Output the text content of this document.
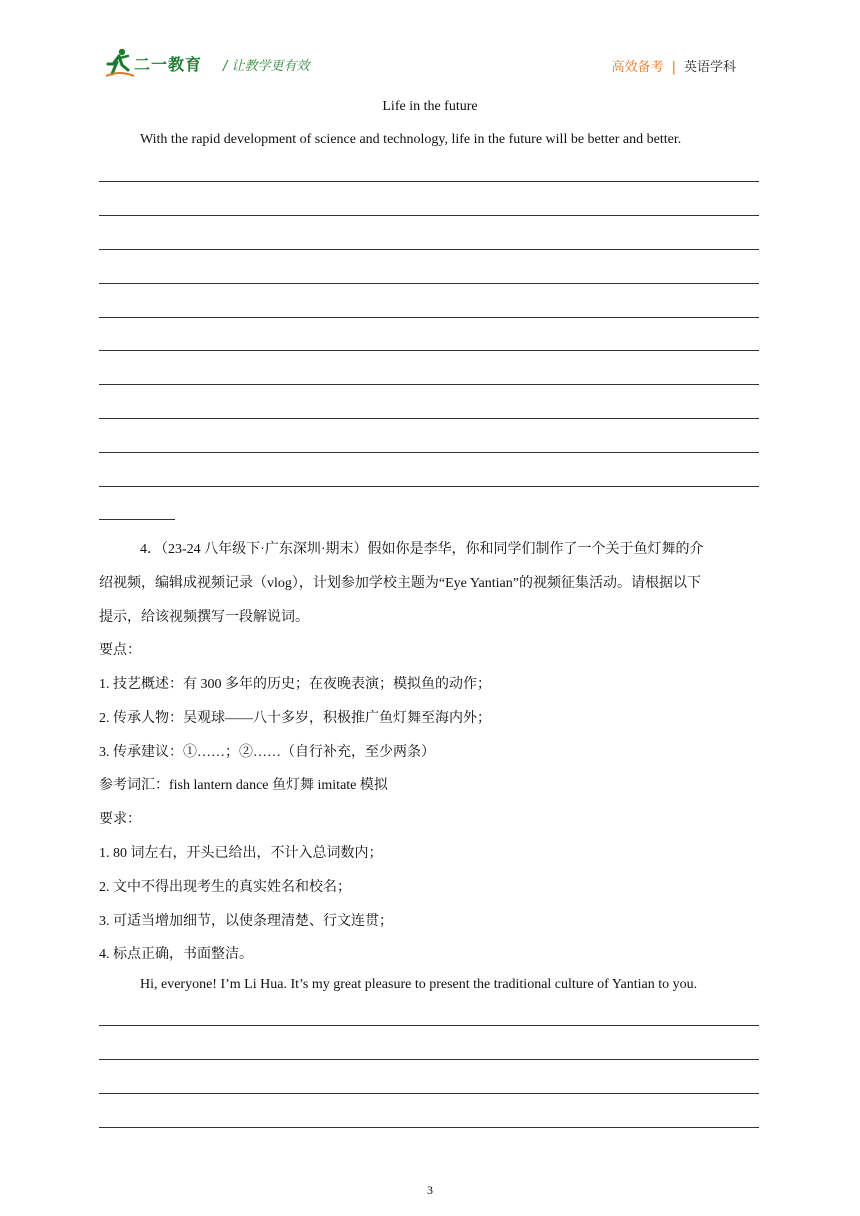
二一教育 / 让教学更有效	高效备考 | 英语学科
Life in the future
With the rapid development of science and technology, life in the future will be better and better.
4．（23-24 八年级下·广东深圳·期末）假如你是李华，你和同学们制作了一个关于鱼灯舞的介
绍视频，编辑成视频记录（vlog），计划参加学校主题为“Eye Yantian”的视频征集活动。请根据以下
提示，给该视频撰写一段解说词。
要点：
1. 技艺概述：有 300 多年的历史；在夜晚表演；模拟鱼的动作；
2. 传承人物：吴观球——八十多岁，积极推广鱼灯舞至海内外；
3. 传承建议：①……；②……（自行补充，至少两条）
参考词汇：fish lantern dance 鱼灯舞 imitate 模拟
要求：
1. 80 词左右，开头已给出，不计入总词数内；
2. 文中不得出现考生的真实姓名和校名；
3. 可适当增加细节，以使条理清楚、行文连贯；
4. 标点正确，书面整洁。
Hi, everyone! I’m Li Hua. It’s my great pleasure to present the traditional culture of Yantian to you.
3
